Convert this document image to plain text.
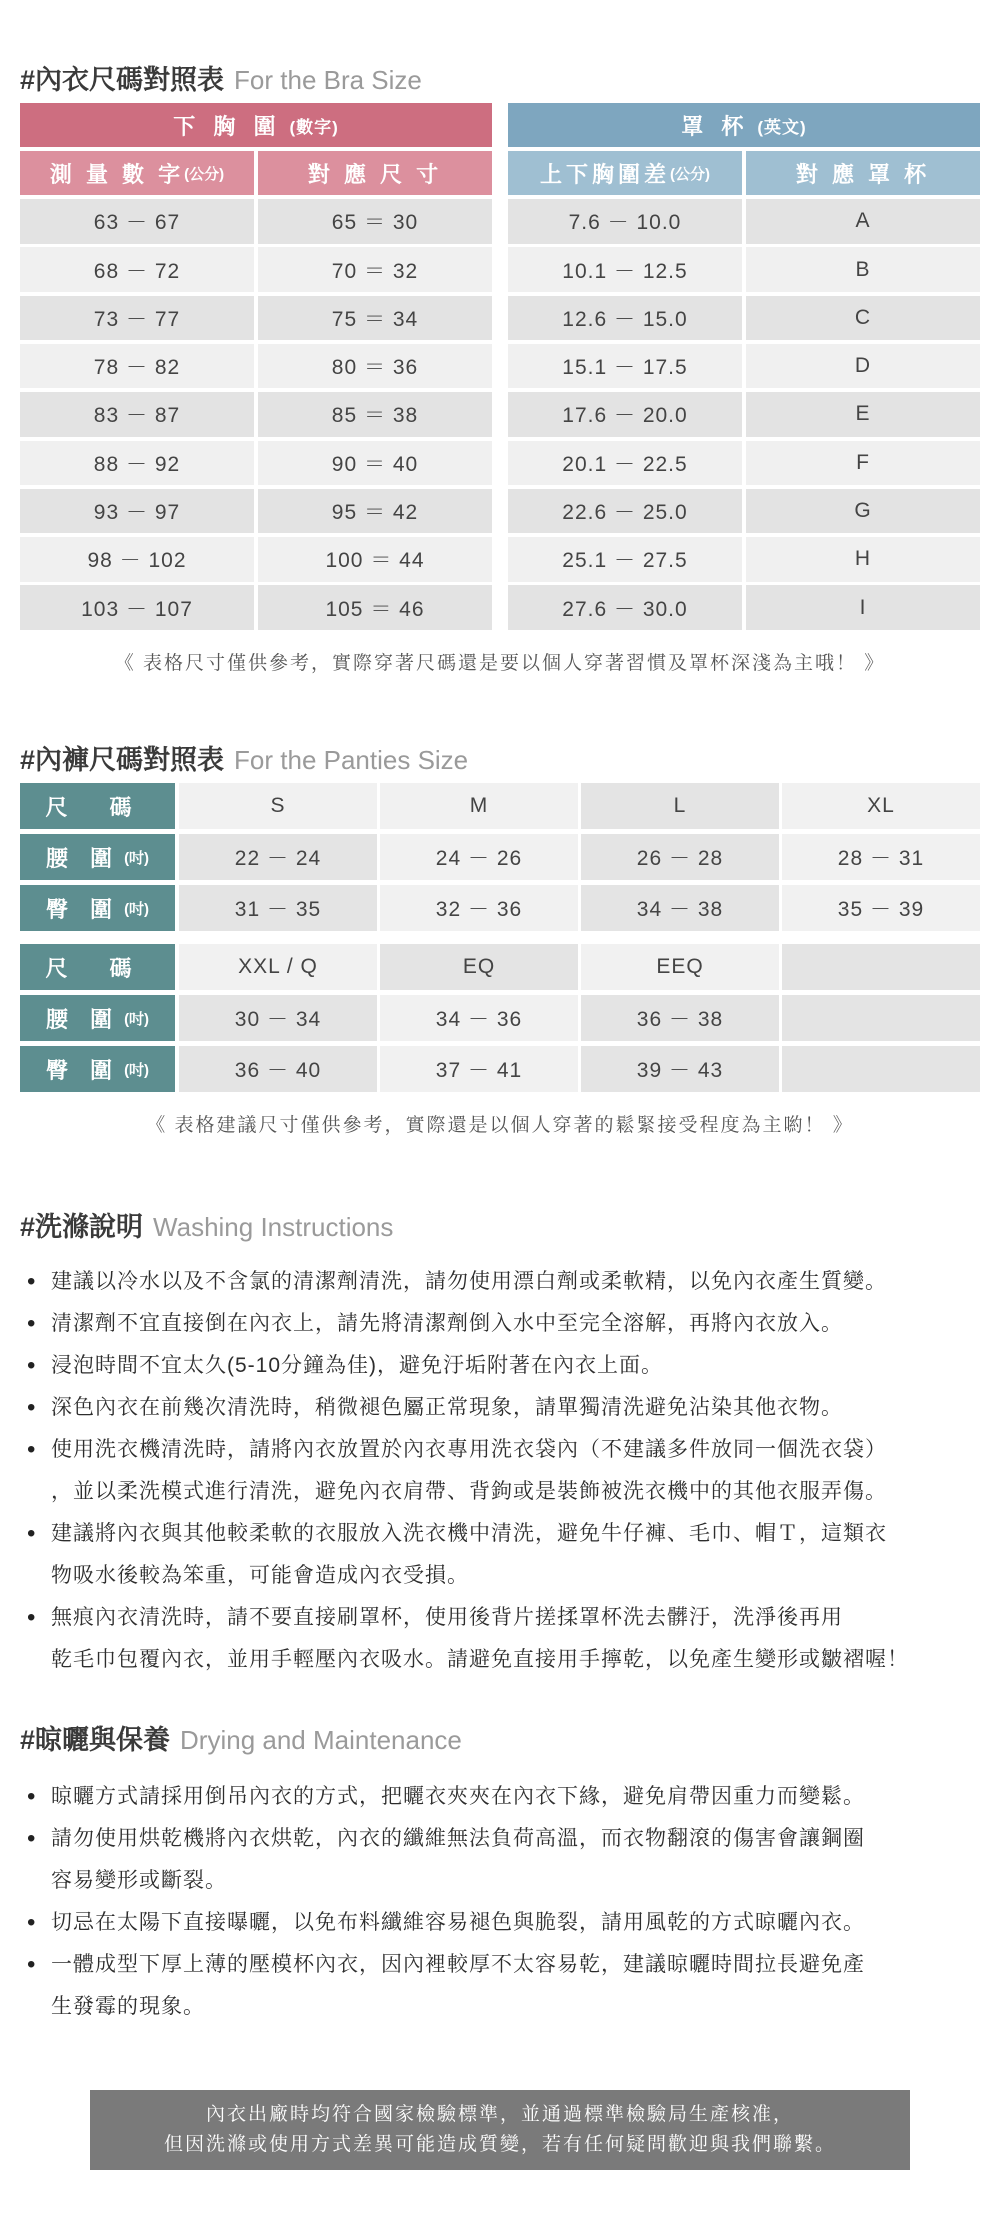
#內衣尺碼對照表 For the Bra Size
下 胸 圍 (數字)
測 量 數 字 (公分)	對 應 尺 寸
罩 杯 (英文)
上下胸圍差 (公分)	對 應 罩 杯
63 － 67	65 ＝ 30	7.6 － 10.0	A
68 － 72	70 ＝ 32	10.1 － 12.5	B
73 － 77	75 ＝ 34	12.6 － 15.0	C
78 － 82	80 ＝ 36	15.1 － 17.5	D
83 － 87	85 ＝ 38	17.6 － 20.0	E
88 － 92	90 ＝ 40	20.1 － 22.5	F
93 － 97	95 ＝ 42	22.6 － 25.0	G
98 － 102	100 ＝ 44	25.1 － 27.5	H
103 － 107	105 ＝ 46	27.6 － 30.0	I
《 表格尺寸僅供參考，實際穿著尺碼還是要以個人穿著習慣及罩杯深淺為主哦！ 》
#內褲尺碼對照表 For the Panties Size
尺 碼	S	M	L	XL
腰 圍 (吋)	22 － 24	24 － 26	26 － 28	28 － 31
臀 圍 (吋)	31 － 35	32 － 36	34 － 38	35 － 39
尺 碼	XXL / Q	EQ	EEQ
腰 圍 (吋)	30 － 34	34 － 36	36 － 38
臀 圍 (吋)	36 － 40	37 － 41	39 － 43
《 表格建議尺寸僅供參考，實際還是以個人穿著的鬆緊接受程度為主喲！ 》
#洗滌說明 Washing Instructions
• 建議以冷水以及不含氯的清潔劑清洗，請勿使用漂白劑或柔軟精，以免內衣產生質變。
• 清潔劑不宜直接倒在內衣上，請先將清潔劑倒入水中至完全溶解，再將內衣放入。
• 浸泡時間不宜太久(5-10分鐘為佳)，避免汙垢附著在內衣上面。
• 深色內衣在前幾次清洗時，稍微褪色屬正常現象，請單獨清洗避免沾染其他衣物。
• 使用洗衣機清洗時，請將內衣放置於內衣專用洗衣袋內（不建議多件放同一個洗衣袋）
，並以柔洗模式進行清洗，避免內衣肩帶、背鉤或是裝飾被洗衣機中的其他衣服弄傷。
• 建議將內衣與其他較柔軟的衣服放入洗衣機中清洗，避免牛仔褲、毛巾、帽Ｔ，這類衣
物吸水後較為笨重，可能會造成內衣受損。
• 無痕內衣清洗時，請不要直接刷罩杯，使用後背片搓揉罩杯洗去髒汙，洗淨後再用
乾毛巾包覆內衣，並用手輕壓內衣吸水。請避免直接用手擰乾，以免產生變形或皺褶喔！
#晾曬與保養 Drying and Maintenance
• 晾曬方式請採用倒吊內衣的方式，把曬衣夾夾在內衣下緣，避免肩帶因重力而變鬆。
• 請勿使用烘乾機將內衣烘乾，內衣的纖維無法負荷高溫，而衣物翻滾的傷害會讓鋼圈
容易變形或斷裂。
• 切忌在太陽下直接曝曬，以免布料纖維容易褪色與脆裂，請用風乾的方式晾曬內衣。
• 一體成型下厚上薄的壓模杯內衣，因內裡較厚不太容易乾，建議晾曬時間拉長避免產
生發霉的現象。
內衣出廠時均符合國家檢驗標準，並通過標準檢驗局生產核准，
但因洗滌或使用方式差異可能造成質變，若有任何疑問歡迎與我們聯繫。
